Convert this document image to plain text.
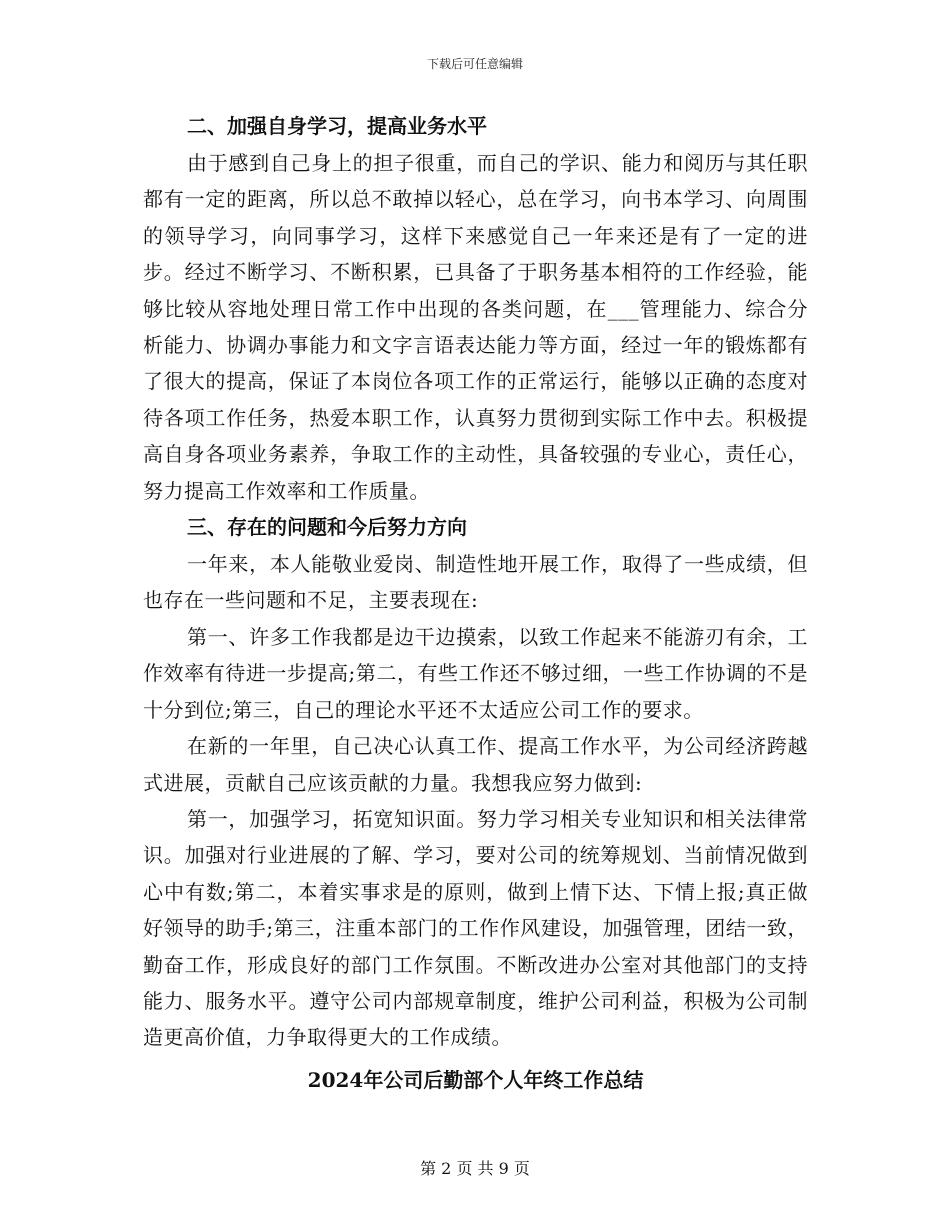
下载后可任意编辑

二、加强自身学习，提高业务水平

由于感到自己身上的担子很重，而自己的学识、能力和阅历与其任职都有一定的距离，所以总不敢掉以轻心，总在学习，向书本学习、向周围的领导学习，向同事学习，这样下来感觉自己一年来还是有了一定的进步。经过不断学习、不断积累，已具备了于职务基本相符的工作经验，能够比较从容地处理日常工作中出现的各类问题，在___管理能力、综合分析能力、协调办事能力和文字言语表达能力等方面，经过一年的锻炼都有了很大的提高，保证了本岗位各项工作的正常运行，能够以正确的态度对待各项工作任务，热爱本职工作，认真努力贯彻到实际工作中去。积极提高自身各项业务素养，争取工作的主动性，具备较强的专业心，责任心，努力提高工作效率和工作质量。

三、存在的问题和今后努力方向

一年来，本人能敬业爱岗、制造性地开展工作，取得了一些成绩，但也存在一些问题和不足，主要表现在:

第一、许多工作我都是边干边摸索，以致工作起来不能游刃有余，工作效率有待进一步提高;第二，有些工作还不够过细，一些工作协调的不是十分到位;第三，自己的理论水平还不太适应公司工作的要求。

在新的一年里，自己决心认真工作、提高工作水平，为公司经济跨越式进展，贡献自己应该贡献的力量。我想我应努力做到:

第一，加强学习，拓宽知识面。努力学习相关专业知识和相关法律常识。加强对行业进展的了解、学习，要对公司的统筹规划、当前情况做到心中有数;第二，本着实事求是的原则，做到上情下达、下情上报;真正做好领导的助手;第三，注重本部门的工作作风建设，加强管理，团结一致，勤奋工作，形成良好的部门工作氛围。不断改进办公室对其他部门的支持能力、服务水平。遵守公司内部规章制度，维护公司利益，积极为公司制造更高价值，力争取得更大的工作成绩。

2024年公司后勤部个人年终工作总结

第 2 页 共 9 页
